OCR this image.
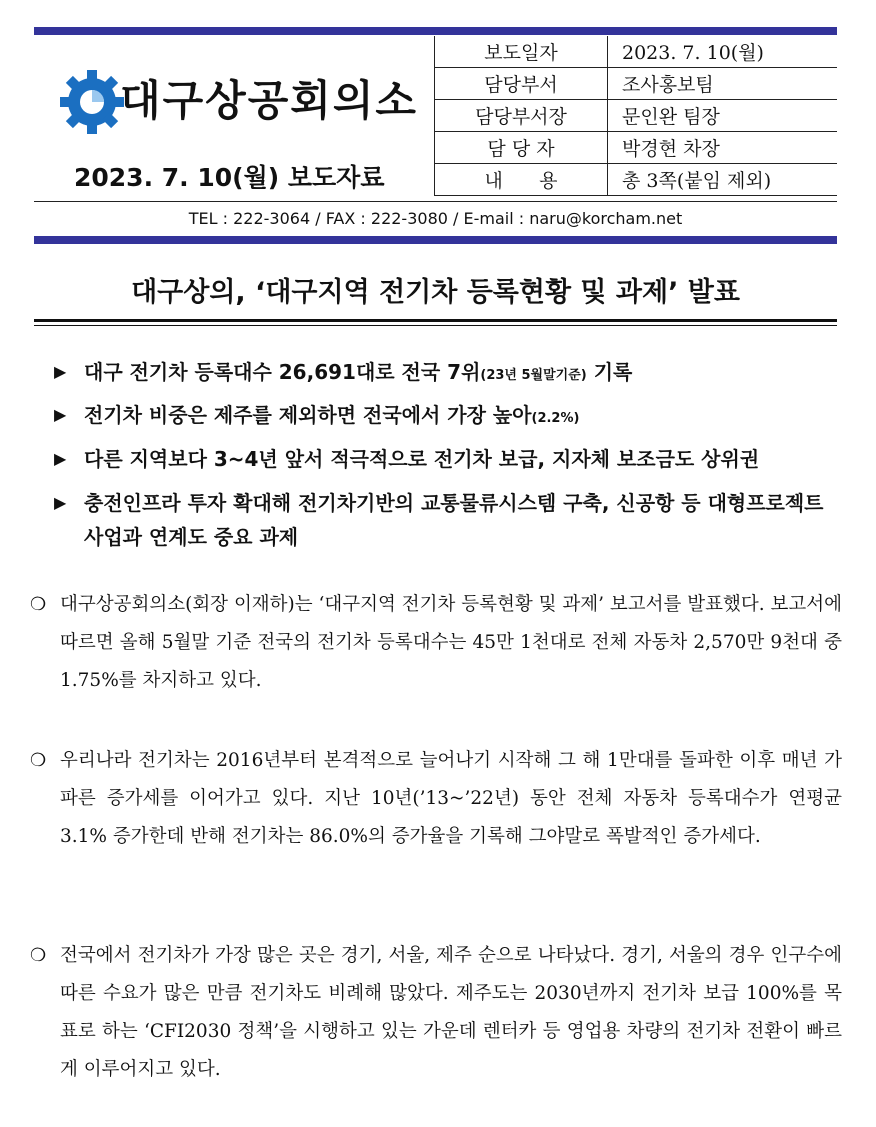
대구상공회의소
2023. 7. 10(월) 보도자료
보도일자	2023. 7. 10(월)
담당부서	조사홍보팀
담당부서장	문인완 팀장
담 당 자	박경현 차장
내      용	총 3쪽(붙임 제외)
TEL : 222-3064 / FAX : 222-3080 / E-mail : naru@korcham.net
대구상의, ‘대구지역 전기차 등록현황 및 과제’ 발표
▶ 대구 전기차 등록대수 26,691대로 전국 7위(23년 5월말기준) 기록
▶ 전기차 비중은 제주를 제외하면 전국에서 가장 높아(2.2%)
▶ 다른 지역보다 3~4년 앞서 적극적으로 전기차 보급, 지자체 보조금도 상위권
▶ 충전인프라 투자 확대해 전기차기반의 교통물류시스템 구축, 신공항 등 대형프로젝트 사업과 연계도 중요 과제
❍ 대구상공회의소(회장 이재하)는 ‘대구지역 전기차 등록현황 및 과제’ 보고서를 발표했다. 보고서에 따르면 올해 5월말 기준 전국의 전기차 등록대수는 45만 1천대로 전체 자동차 2,570만 9천대 중 1.75%를 차지하고 있다.
❍ 우리나라 전기차는 2016년부터 본격적으로 늘어나기 시작해 그 해 1만대를 돌파한 이후 매년 가파른 증가세를 이어가고 있다. 지난 10년(’13~’22년) 동안 전체 자동차 등록대수가 연평균 3.1% 증가한데 반해 전기차는 86.0%의 증가율을 기록해 그야말로 폭발적인 증가세다.
❍ 전국에서 전기차가 가장 많은 곳은 경기, 서울, 제주 순으로 나타났다. 경기, 서울의 경우 인구수에 따른 수요가 많은 만큼 전기차도 비례해 많았다. 제주도는 2030년까지 전기차 보급 100%를 목표로 하는 ‘CFI2030 정책’을 시행하고 있는 가운데 렌터카 등 영업용 차량의 전기차 전환이 빠르게 이루어지고 있다.
